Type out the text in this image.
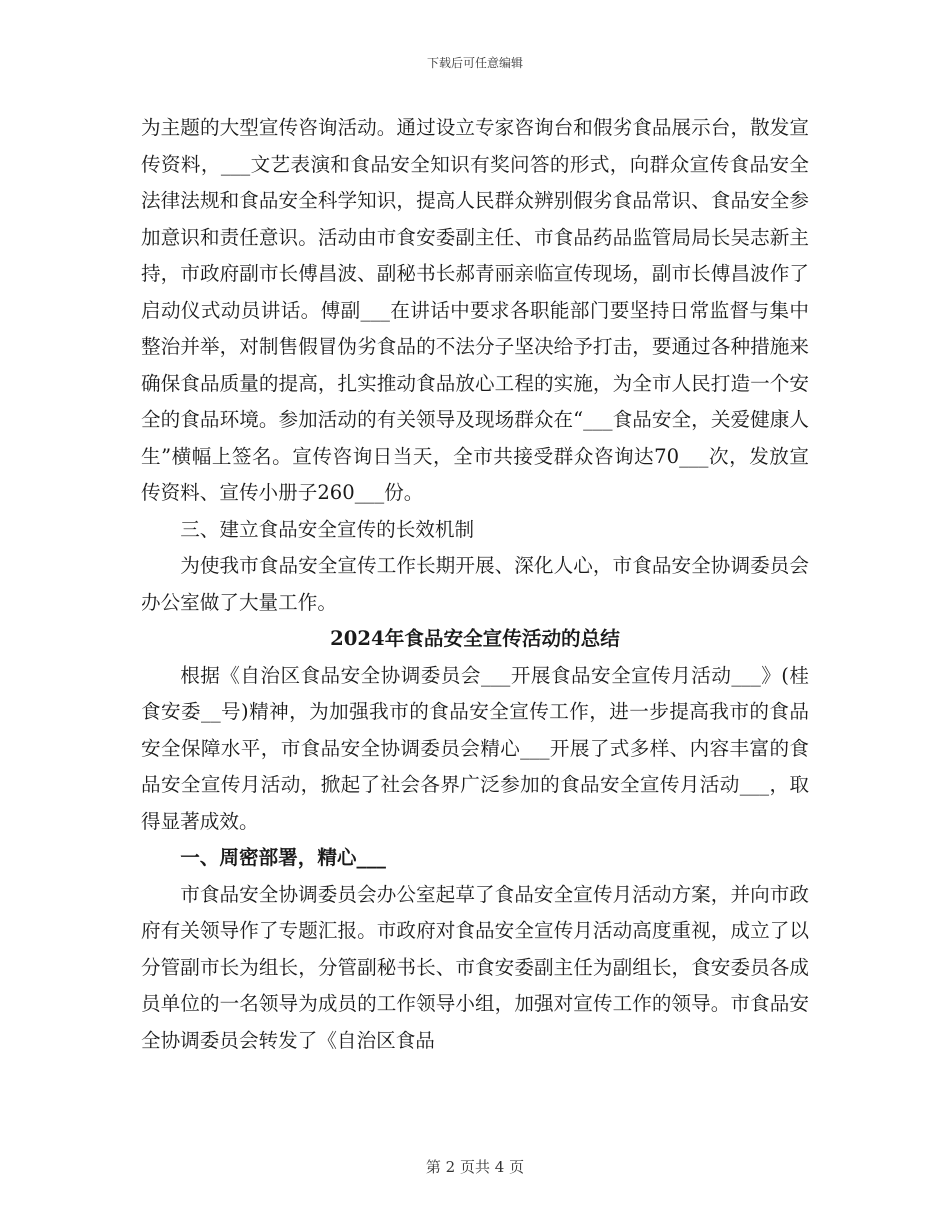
下载后可任意编辑

为主题的大型宣传咨询活动。通过设立专家咨询台和假劣食品展示台，散发宣传资料，___文艺表演和食品安全知识有奖问答的形式，向群众宣传食品安全法律法规和食品安全科学知识，提高人民群众辨别假劣食品常识、食品安全参加意识和责任意识。活动由市食安委副主任、市食品药品监管局局长吴志新主持，市政府副市长傅昌波、副秘书长郝青丽亲临宣传现场，副市长傅昌波作了启动仪式动员讲话。傅副___在讲话中要求各职能部门要坚持日常监督与集中整治并举，对制售假冒伪劣食品的不法分子坚决给予打击，要通过各种措施来确保食品质量的提高，扎实推动食品放心工程的实施，为全市人民打造一个安全的食品环境。参加活动的有关领导及现场群众在“___食品安全，关爱健康人生”横幅上签名。宣传咨询日当天，全市共接受群众咨询达70___次，发放宣传资料、宣传小册子260___份。

三、建立食品安全宣传的长效机制

为使我市食品安全宣传工作长期开展、深化人心，市食品安全协调委员会办公室做了大量工作。

2024年食品安全宣传活动的总结

根据《自治区食品安全协调委员会___开展食品安全宣传月活动___》(桂食安委__号)精神，为加强我市的食品安全宣传工作，进一步提高我市的食品安全保障水平，市食品安全协调委员会精心___开展了式多样、内容丰富的食品安全宣传月活动，掀起了社会各界广泛参加的食品安全宣传月活动___，取得显著成效。

一、周密部署，精心___

市食品安全协调委员会办公室起草了食品安全宣传月活动方案，并向市政府有关领导作了专题汇报。市政府对食品安全宣传月活动高度重视，成立了以分管副市长为组长，分管副秘书长、市食安委副主任为副组长，食安委员各成员单位的一名领导为成员的工作领导小组，加强对宣传工作的领导。市食品安全协调委员会转发了《自治区食品

第 2 页共 4 页
